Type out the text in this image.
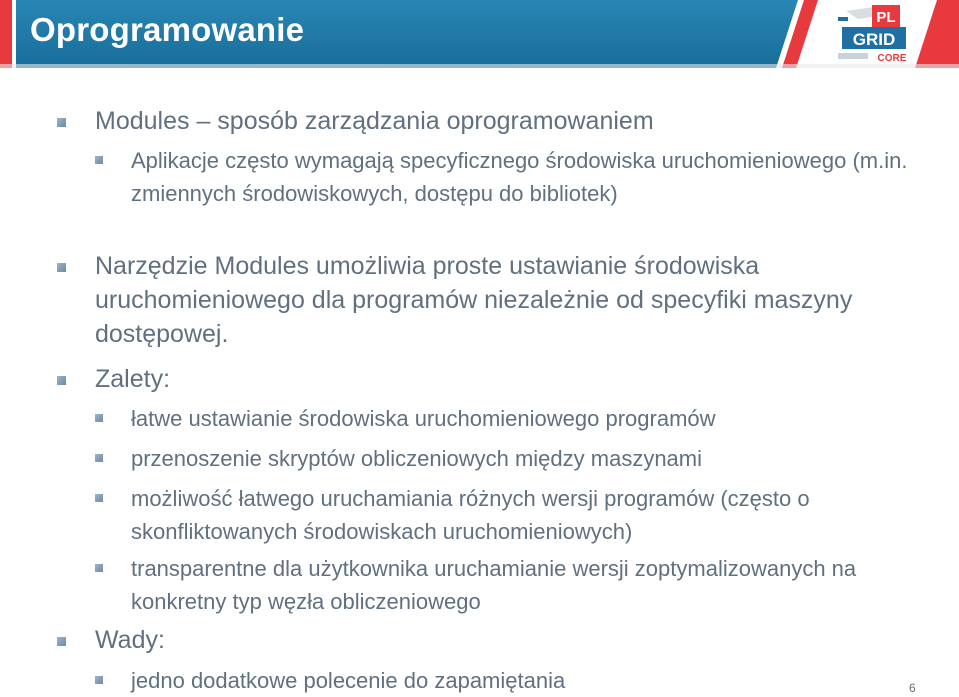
Oprogramowanie	PL
GRID
CORE

Modules – sposób zarządzania oprogramowaniem

Aplikacje często wymagają specyficznego środowiska uruchomieniowego (m.in. zmiennych środowiskowych, dostępu do bibliotek)

Narzędzie Modules umożliwia proste ustawianie środowiska uruchomieniowego dla programów niezależnie od specyfiki maszyny dostępowej.

Zalety:

łatwe ustawianie środowiska uruchomieniowego programów

przenoszenie skryptów obliczeniowych między maszynami

możliwość łatwego uruchamiania różnych wersji programów (często o skonfliktowanych środowiskach uruchomieniowych)

transparentne dla użytkownika uruchamianie wersji zoptymalizowanych na konkretny typ węzła obliczeniowego

Wady:

jedno dodatkowe polecenie do zapamiętania	6
